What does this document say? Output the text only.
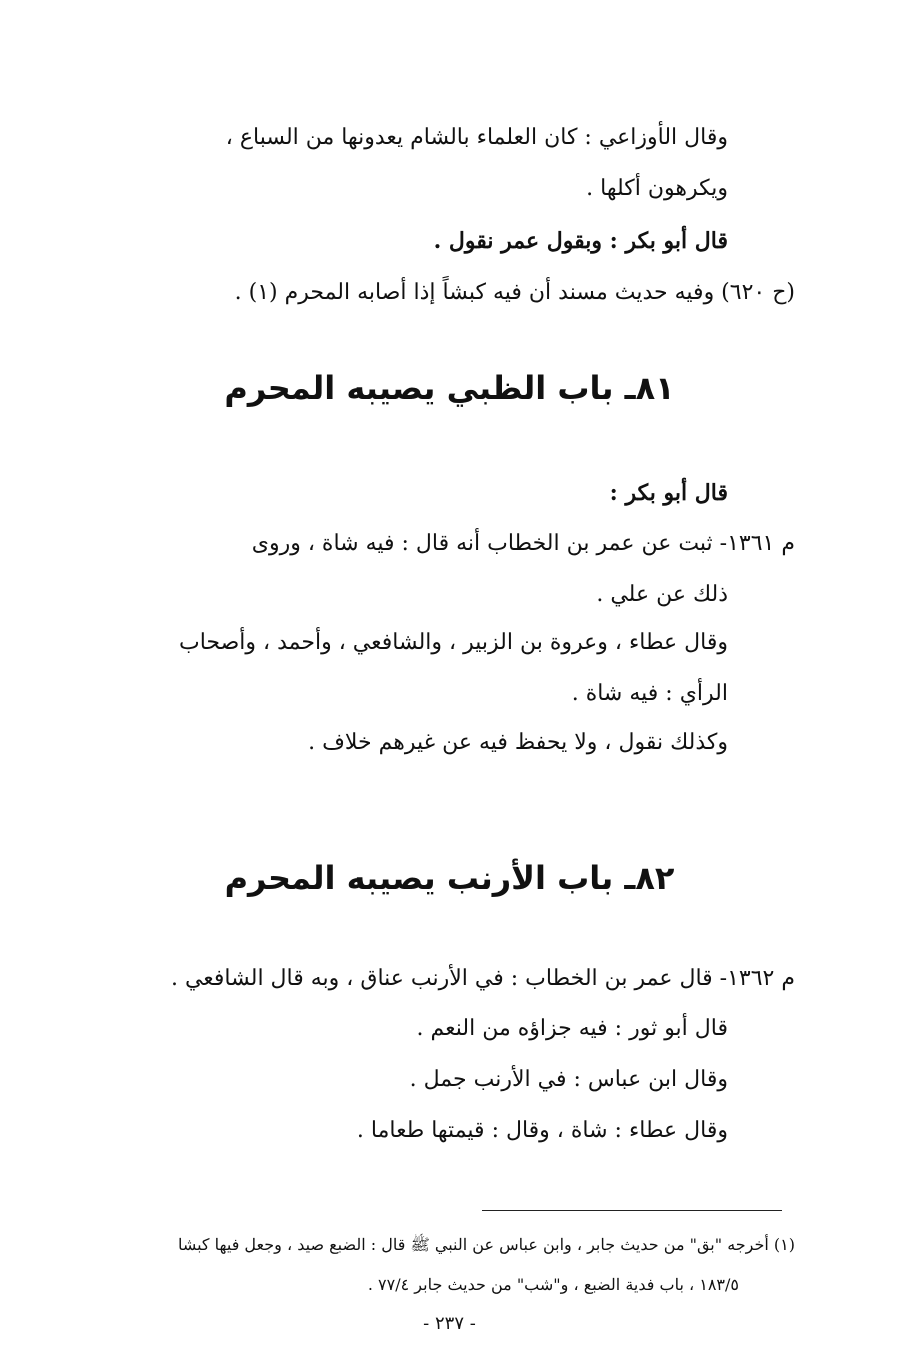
وقال الأوزاعي : كان العلماء بالشام يعدونها من السباع ،
ويكرهون أكلها .
قال أبو بكر : وبقول عمر نقول .
(ح ٦٢٠) وفيه حديث مسند أن فيه كبشاً إذا أصابه المحرم (١) .
٨١ـ باب الظبي يصيبه المحرم
قال أبو بكر :
م ١٣٦١- ثبت عن عمر بن الخطاب أنه قال : فيه شاة ، وروى
ذلك عن علي .
وقال عطاء ، وعروة بن الزبير ، والشافعي ، وأحمد ، وأصحاب
الرأي : فيه شاة .
وكذلك نقول ، ولا يحفظ فيه عن غيرهم خلاف .
٨٢ـ باب الأرنب يصيبه المحرم
م ١٣٦٢- قال عمر بن الخطاب : في الأرنب عناق ، وبه قال الشافعي .
قال أبو ثور : فيه جزاؤه من النعم .
وقال ابن عباس : في الأرنب جمل .
وقال عطاء : شاة ، وقال : قيمتها طعاما .
(١) أخرجه "بق" من حديث جابر ، وابن عباس عن النبي ﷺ قال : الضبع صيد ، وجعل فيها كبشا
١٨٣/٥ ، باب فدية الضبع ، و"شب" من حديث جابر ٧٧/٤ .
- ٢٣٧ -
